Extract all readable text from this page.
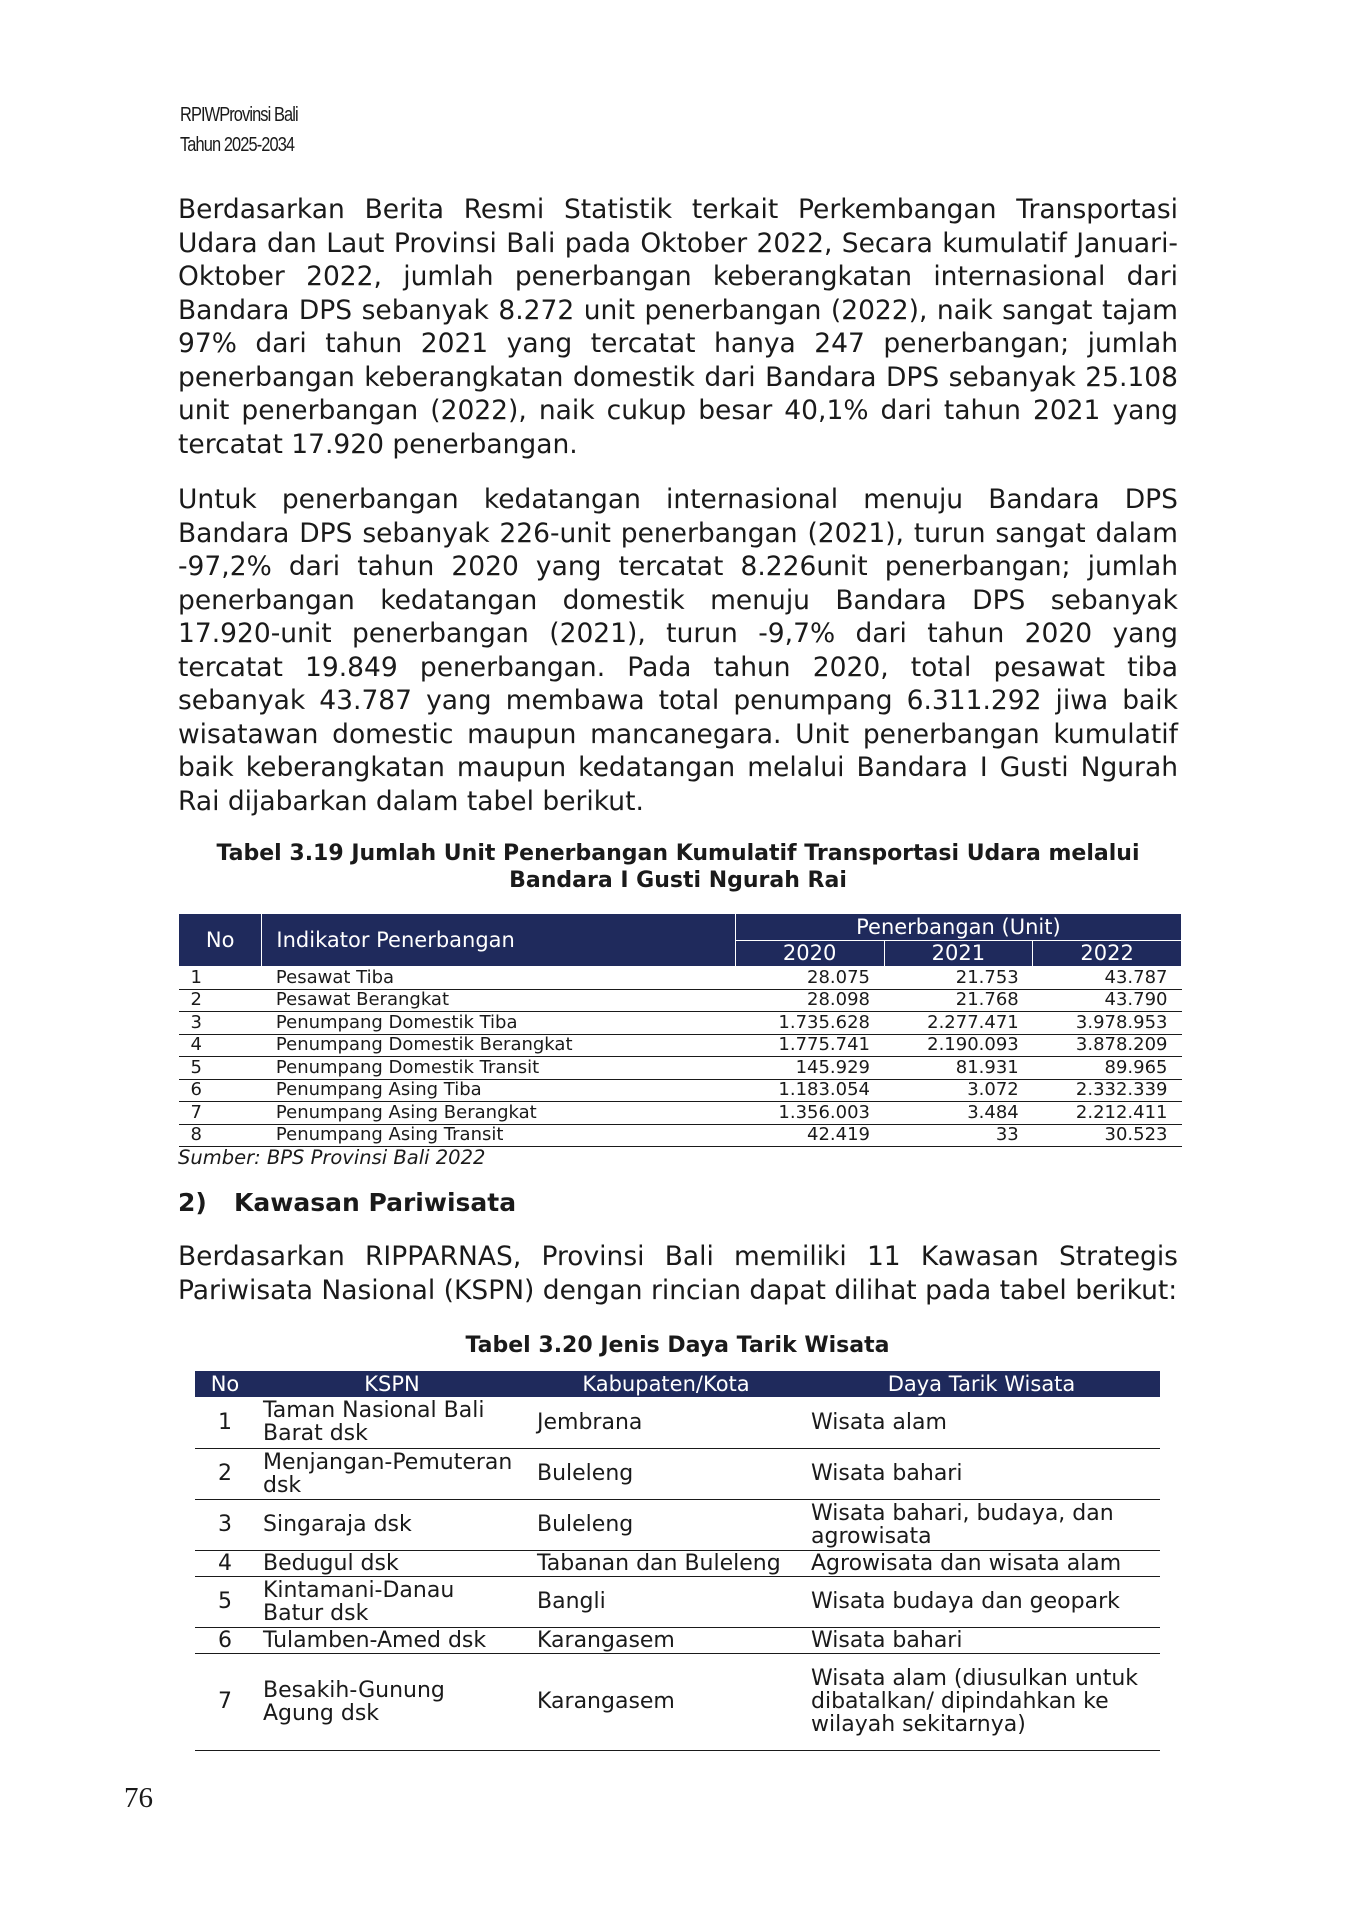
RPIWProvinsi Bali
Tahun 2025-2034

Berdasarkan Berita Resmi Statistik terkait Perkembangan Transportasi Udara dan Laut Provinsi Bali pada Oktober 2022, Secara kumulatif Januari-Oktober 2022, jumlah penerbangan keberangkatan internasional dari Bandara DPS sebanyak 8.272 unit penerbangan (2022), naik sangat tajam 97% dari tahun 2021 yang tercatat hanya 247 penerbangan; jumlah penerbangan keberangkatan domestik dari Bandara DPS sebanyak 25.108 unit penerbangan (2022), naik cukup besar 40,1% dari tahun 2021 yang tercatat 17.920 penerbangan.

Untuk penerbangan kedatangan internasional menuju Bandara DPS Bandara DPS sebanyak 226-unit penerbangan (2021), turun sangat dalam -97,2% dari tahun 2020 yang tercatat 8.226unit penerbangan; jumlah penerbangan kedatangan domestik menuju Bandara DPS sebanyak 17.920-unit penerbangan (2021), turun -9,7% dari tahun 2020 yang tercatat 19.849 penerbangan. Pada tahun 2020, total pesawat tiba sebanyak 43.787 yang membawa total penumpang 6.311.292 jiwa baik wisatawan domestic maupun mancanegara. Unit penerbangan kumulatif baik keberangkatan maupun kedatangan melalui Bandara I Gusti Ngurah Rai dijabarkan dalam tabel berikut.

Tabel 3.19 Jumlah Unit Penerbangan Kumulatif Transportasi Udara melalui
Bandara I Gusti Ngurah Rai
No	Indikator Penerbangan	Penerbangan (Unit)		
		2020	2021	2022
1	Pesawat Tiba	28.075	21.753	43.787
2	Pesawat Berangkat	28.098	21.768	43.790
3	Penumpang Domestik Tiba	1.735.628	2.277.471	3.978.953
4	Penumpang Domestik Berangkat	1.775.741	2.190.093	3.878.209
5	Penumpang Domestik Transit	145.929	81.931	89.965
6	Penumpang Asing Tiba	1.183.054	3.072	2.332.339
7	Penumpang Asing Berangkat	1.356.003	3.484	2.212.411
8	Penumpang Asing Transit	42.419	33	30.523
Sumber: BPS Provinsi Bali 2022
2) Kawasan Pariwisata

Berdasarkan RIPPARNAS, Provinsi Bali memiliki 11 Kawasan Strategis Pariwisata Nasional (KSPN) dengan rincian dapat dilihat pada tabel berikut:

Tabel 3.20 Jenis Daya Tarik Wisata
No	KSPN	Kabupaten/Kota	Daya Tarik Wisata
1	Taman Nasional Bali Barat dsk	Jembrana	Wisata alam
2	Menjangan-Pemuteran dsk	Buleleng	Wisata bahari
3	Singaraja dsk	Buleleng	Wisata bahari, budaya, dan agrowisata
4	Bedugul dsk	Tabanan dan Buleleng	Agrowisata dan wisata alam
5	Kintamani-Danau Batur dsk	Bangli	Wisata budaya dan geopark
6	Tulamben-Amed dsk	Karangasem	Wisata bahari
7	Besakih-Gunung Agung dsk	Karangasem	Wisata alam (diusulkan untuk dibatalkan/ dipindahkan ke wilayah sekitarnya)
76
